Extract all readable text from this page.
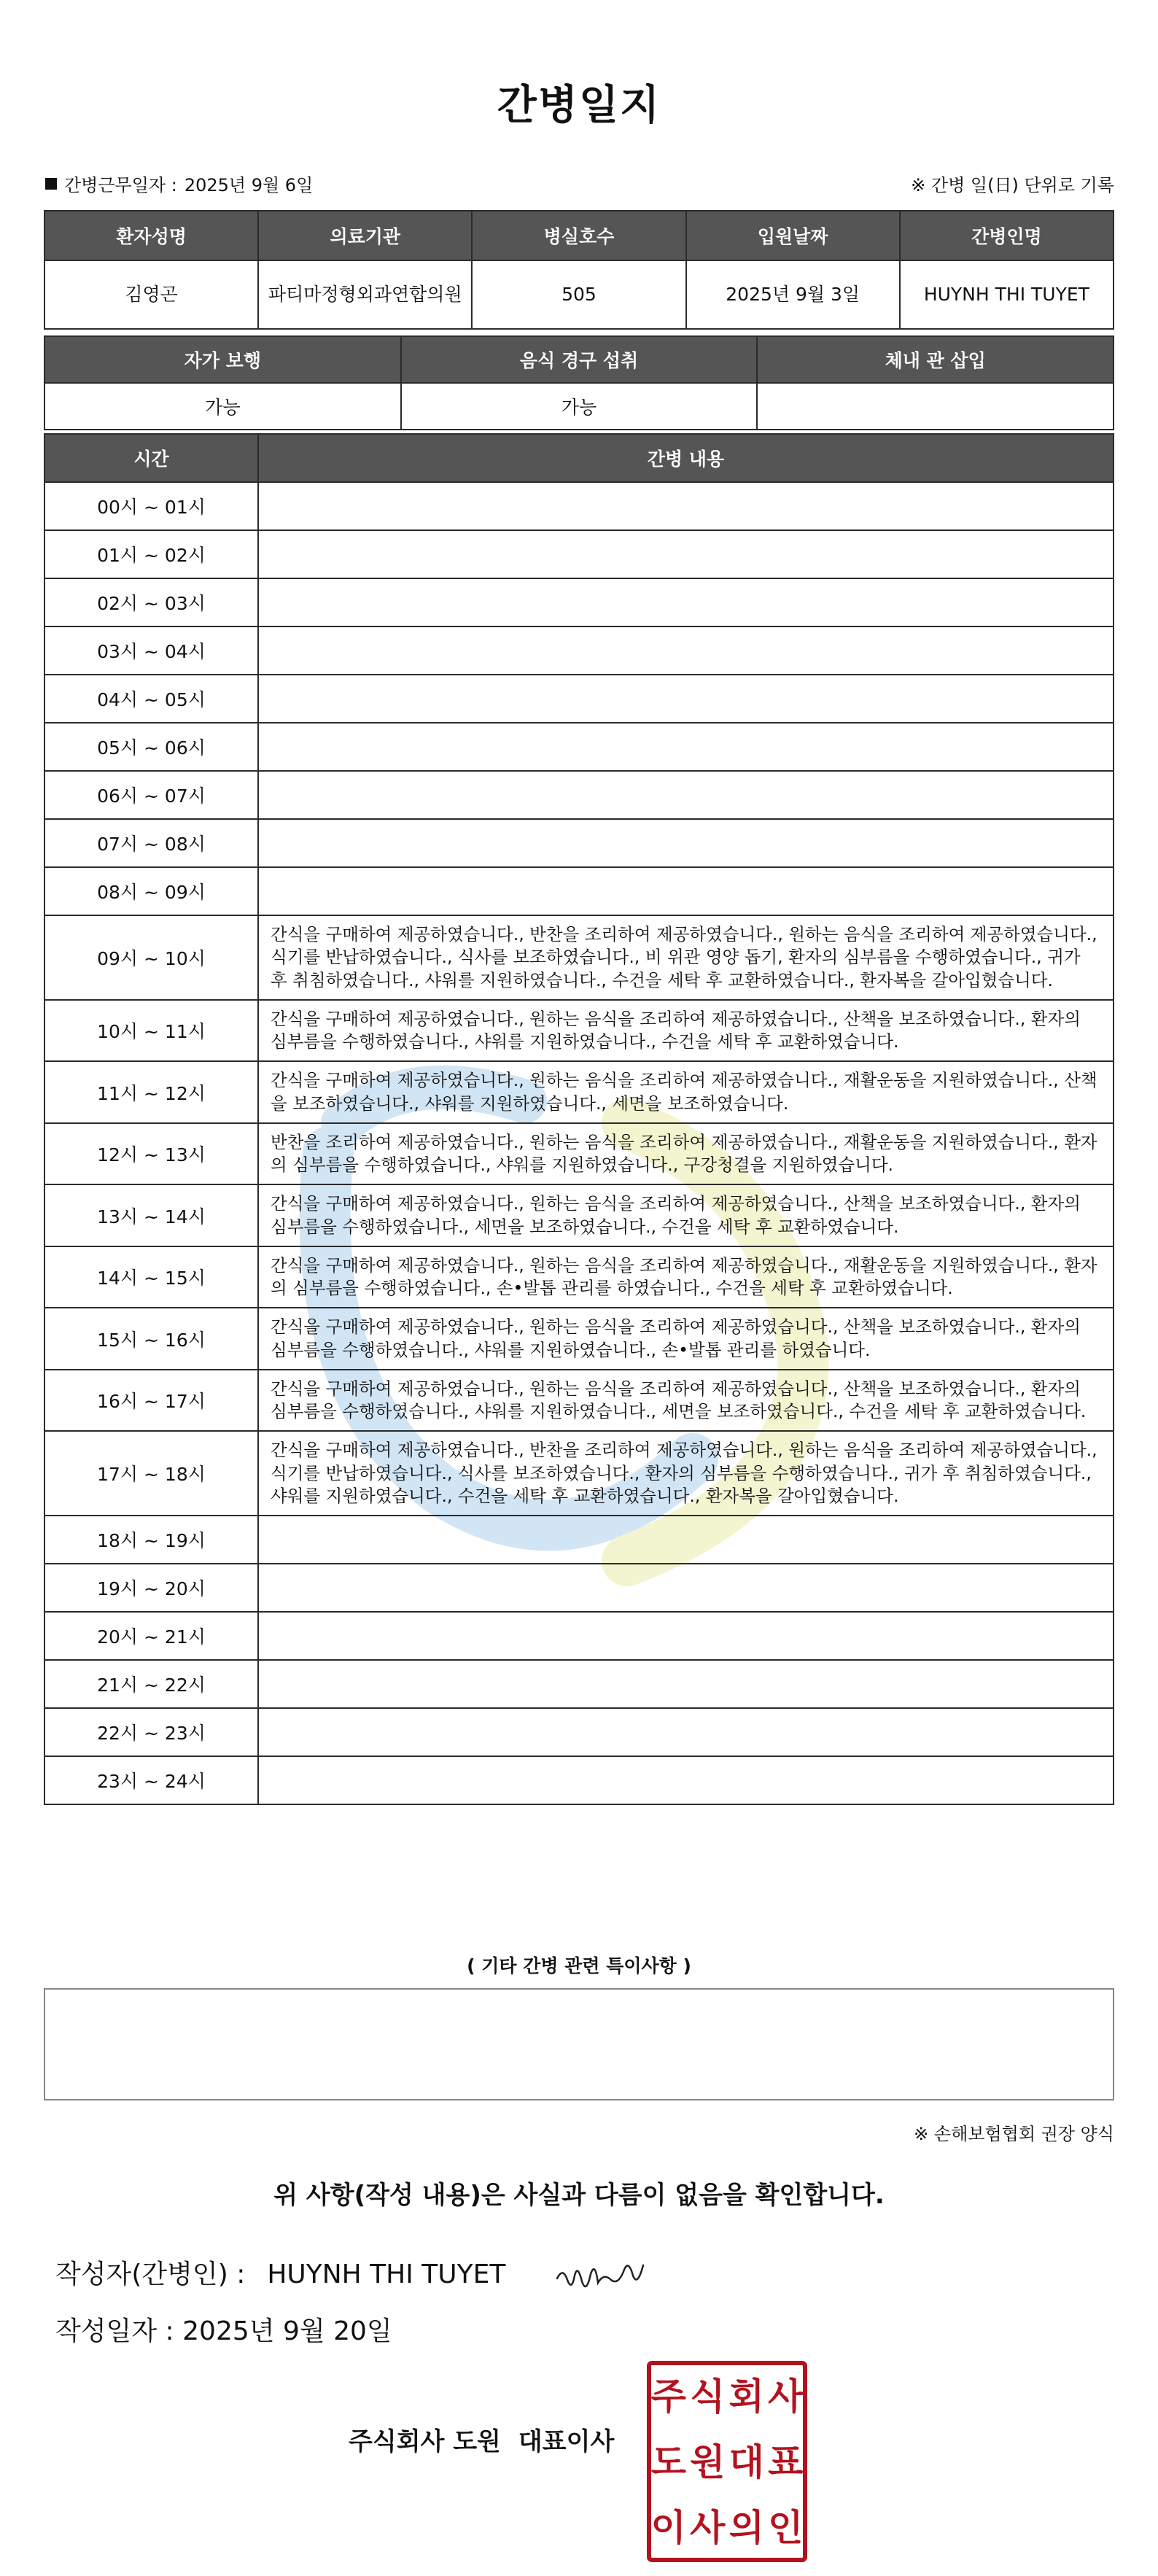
간병일지
간병근무일자 : 2025년 9월 6일	※ 간병 일(日) 단위로 기록
환자성명	의료기관	병실호수	입원날짜	간병인명
김영곤	파티마정형외과연합의원	505	2025년 9월 3일	HUYNH THI TUYET
자가 보행	음식 경구 섭취	체내 관 삽입
가능	가능	
시간	간병 내용
00시 ~ 01시	
01시 ~ 02시	
02시 ~ 03시	
03시 ~ 04시	
04시 ~ 05시	
05시 ~ 06시	
06시 ~ 07시	
07시 ~ 08시	
08시 ~ 09시	
09시 ~ 10시	간식을 구매하여 제공하였습니다., 반찬을 조리하여 제공하였습니다., 원하는 음식을 조리하여 제공하였습니다., 식기를 반납하였습니다., 식사를 보조하였습니다., 비 위관 영양 돕기, 환자의 심부름을 수행하였습니다., 귀가 후 취침하였습니다., 샤워를 지원하였습니다., 수건을 세탁 후 교환하였습니다., 환자복을 갈아입혔습니다.
10시 ~ 11시	간식을 구매하여 제공하였습니다., 원하는 음식을 조리하여 제공하였습니다., 산책을 보조하였습니다., 환자의 심부름을 수행하였습니다., 샤워를 지원하였습니다., 수건을 세탁 후 교환하였습니다.
11시 ~ 12시	간식을 구매하여 제공하였습니다., 원하는 음식을 조리하여 제공하였습니다., 재활운동을 지원하였습니다., 산책을 보조하였습니다., 샤워를 지원하였습니다., 세면을 보조하였습니다.
12시 ~ 13시	반찬을 조리하여 제공하였습니다., 원하는 음식을 조리하여 제공하였습니다., 재활운동을 지원하였습니다., 환자의 심부름을 수행하였습니다., 샤워를 지원하였습니다., 구강청결을 지원하였습니다.
13시 ~ 14시	간식을 구매하여 제공하였습니다., 원하는 음식을 조리하여 제공하였습니다., 산책을 보조하였습니다., 환자의 심부름을 수행하였습니다., 세면을 보조하였습니다., 수건을 세탁 후 교환하였습니다.
14시 ~ 15시	간식을 구매하여 제공하였습니다., 원하는 음식을 조리하여 제공하였습니다., 재활운동을 지원하였습니다., 환자의 심부름을 수행하였습니다., 손•발톱 관리를 하였습니다., 수건을 세탁 후 교환하였습니다.
15시 ~ 16시	간식을 구매하여 제공하였습니다., 원하는 음식을 조리하여 제공하였습니다., 산책을 보조하였습니다., 환자의 심부름을 수행하였습니다., 샤워를 지원하였습니다., 손•발톱 관리를 하였습니다.
16시 ~ 17시	간식을 구매하여 제공하였습니다., 원하는 음식을 조리하여 제공하였습니다., 산책을 보조하였습니다., 환자의 심부름을 수행하였습니다., 샤워를 지원하였습니다., 세면을 보조하였습니다., 수건을 세탁 후 교환하였습니다.
17시 ~ 18시	간식을 구매하여 제공하였습니다., 반찬을 조리하여 제공하였습니다., 원하는 음식을 조리하여 제공하였습니다., 식기를 반납하였습니다., 식사를 보조하였습니다., 환자의 심부름을 수행하였습니다., 귀가 후 취침하였습니다., 샤워를 지원하였습니다., 수건을 세탁 후 교환하였습니다., 환자복을 갈아입혔습니다.
18시 ~ 19시	
19시 ~ 20시	
20시 ~ 21시	
21시 ~ 22시	
22시 ~ 23시	
23시 ~ 24시	
( 기타 간병 관련 특이사항 )
※ 손해보험협회 권장 양식
위 사항(작성 내용)은 사실과 다름이 없음을 확인합니다.
작성자(간병인) : HUYNH THI TUYET
작성일자 : 2025년 9월 20일
주식회사 도원 대표이사
주 식 회 사
도 원 대 표
이 사 의 인
